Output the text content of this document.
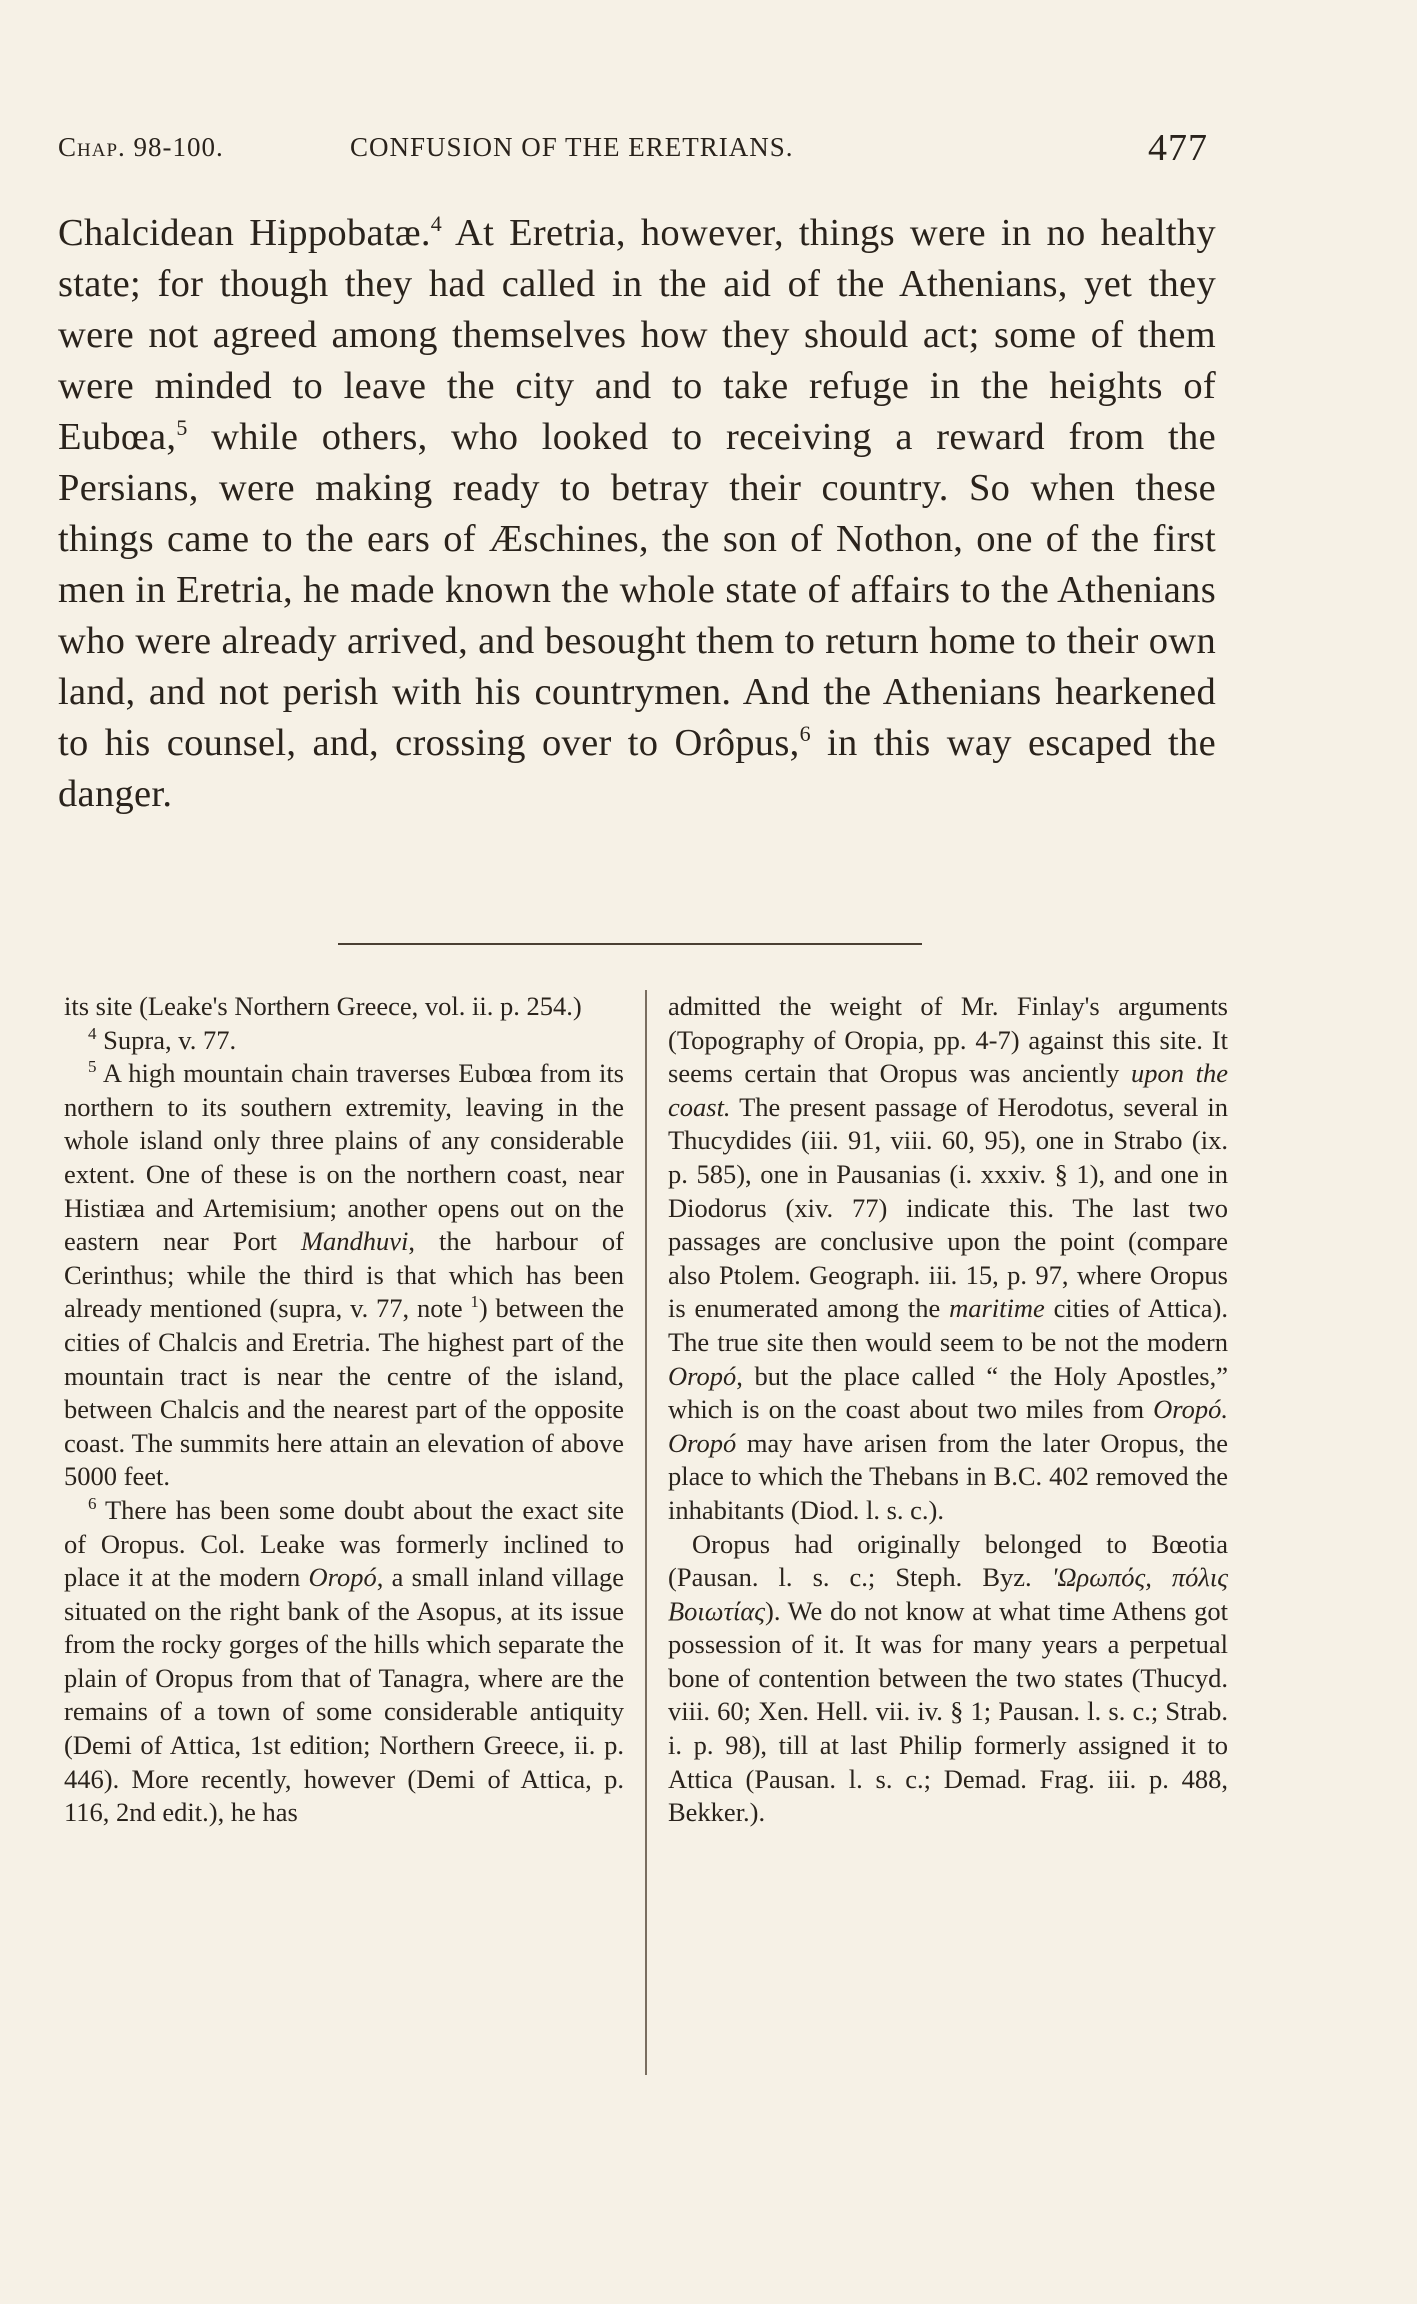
Chap. 98-100.	CONFUSION OF THE ERETRIANS.	477
Chalcidean Hippobatæ.$^4$ At Eretria, however, things were in no healthy state; for though they had called in the aid of the Athenians, yet they were not agreed among themselves how they should act; some of them were minded to leave the city and to take refuge in the heights of Eubœa,$^5$ while others, who looked to receiving a reward from the Persians, were making ready to betray their country. So when these things came to the ears of Æschines, the son of Nothon, one of the first men in Eretria, he made known the whole state of affairs to the Athenians who were already arrived, and besought them to return home to their own land, and not perish with his countrymen. And the Athenians hearkened to his counsel, and, crossing over to Orôpus,$^6$ in this way escaped the danger.

its site (Leake's Northern Greece, vol. ii. p. 254.)

$^4$ Supra, v. 77.

$^5$ A high mountain chain traverses Eubœa from its northern to its southern extremity, leaving in the whole island only three plains of any considerable extent. One of these is on the northern coast, near Histiæa and Artemisium; another opens out on the eastern near Port Mandhuvi, the harbour of Cerinthus; while the third is that which has been already mentioned (supra, v. 77, note $^1$) between the cities of Chalcis and Eretria. The highest part of the mountain tract is near the centre of the island, between Chalcis and the nearest part of the opposite coast. The summits here attain an elevation of above 5000 feet.

$^6$ There has been some doubt about the exact site of Oropus. Col. Leake was formerly inclined to place it at the modern Oropó, a small inland village situated on the right bank of the Asopus, at its issue from the rocky gorges of the hills which separate the plain of Oropus from that of Tanagra, where are the remains of a town of some considerable antiquity (Demi of Attica, 1st edition; Northern Greece, ii. p. 446). More recently, however (Demi of Attica, p. 116, 2nd edit.), he has

admitted the weight of Mr. Finlay's arguments (Topography of Oropia, pp. 4-7) against this site. It seems certain that Oropus was anciently upon the coast. The present passage of Herodotus, several in Thucydides (iii. 91, viii. 60, 95), one in Strabo (ix. p. 585), one in Pausanias (i. xxxiv. § 1), and one in Diodorus (xiv. 77) indicate this. The last two passages are conclusive upon the point (compare also Ptolem. Geograph. iii. 15, p. 97, where Oropus is enumerated among the maritime cities of Attica). The true site then would seem to be not the modern Oropó, but the place called “ the Holy Apostles,” which is on the coast about two miles from Oropó. Oropó may have arisen from the later Oropus, the place to which the Thebans in B.C. 402 removed the inhabitants (Diod. l. s. c.).

Oropus had originally belonged to Bœotia (Pausan. l. s. c.; Steph. Byz. 'Ωρωπός, πόλις Βοιωτίας). We do not know at what time Athens got possession of it. It was for many years a perpetual bone of contention between the two states (Thucyd. viii. 60; Xen. Hell. vii. iv. § 1; Pausan. l. s. c.; Strab. i. p. 98), till at last Philip formerly assigned it to Attica (Pausan. l. s. c.; Demad. Frag. iii. p. 488, Bekker.).
